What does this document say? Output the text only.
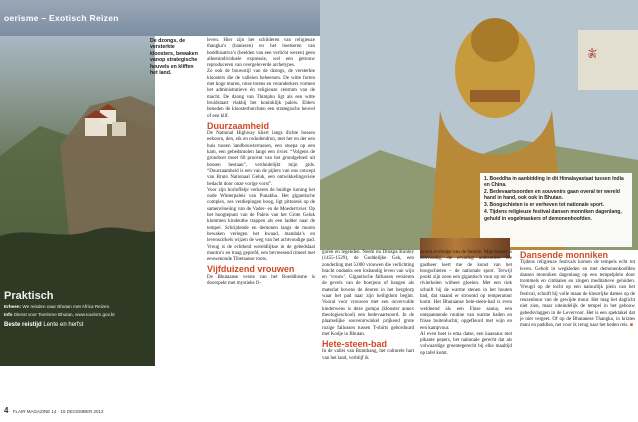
oerisme – Exotisch Reizen
Praktisch
Erheen: We reisden naar Bhutan met Africa Reizen.
Info Dienst voor Toerisme Bhutan, www.tourism.gov.bt
Beste reistijd Lente en herfst
4 FLAIR MAGAZINE 14 · 15 DECEMBER 2012
De dzongs, de versterkte kloosters, bewaken vanop strategische heuvels en kliffen het land.

leven. Hier zijn het schilderen van religieuze thangka’s (banieren) en het boetseren van boddhisattva’s (beelden van een verlicht wezen) geen alleenindividuele expressie, wel een getrouw reproduceren van overgeleverde archetypes.

Zo ook de bouwstijl van de dzongs, de versterkte kloosters die de valleien beheersen. De witte forten met hoge muren, rotse torens en veranderkers vormen het administratieve én religieuze centrum van de macht. De dzong van Thimphu ligt als een witte bruidstaart vlakbij het koninklijk paleis. Elders beneden de kloosterburchten een strategische heuvel of een klif.

Duurzaamheid

De National Highway kliert langs dichte bossen eekoorn, den, eik en rododendron, met her en der een huis tussen landbouwterrassen, een stoepa op een kam, een gebedsmolen langs een rivier. “Volgens de grondwet moet 60 procent van het grondgebied uit bossen bestaan”, verduidelijkt mijn gids. “Duurzaamheid is een van de pijlers van ons concept van Bruto Nationaal Geluk, een ontwikkelingsvisie bedacht door onze vorige vorst”.

Voor zijn horloffelje verkeren de huidige koning het oude Winterpaleis van Punakha. Het gigantische complex, zes verdiepingen hoog, ligt pittoresk op de samenvloeiing van de Vader- en de Moederrivier. Op het hoogtepunt van de Paleis van het Grote Geluk klommen kindeuthe trappen als een ladder naar de tempel. Schrijdende en demonen langs de muren bewaken verlegen het kwaad, mandala’s en levenscirkels wijzen de weg van het achtvoudige pad. Vreug is de echtheid wereldlijkse in de gebedslaal mantra’s en traag geprefd, een bevreesend ritueel met eeuwenoude Tibetaanse roots.

Vijfduizend vrouwen

De Bhutaanse versie van het Boeddhisme is doorspekt met mystieke fi-

ཨོཾ
1. Boeddha in aanbidding in dit Himalayastaat tussen India en China.
2. Bedevaartsoorden en souvenirs gaan overal ter wereld hand in hand, ook ook in Bhutan.
3. Boogschieten is er verheven tot nationale sport.
4. Tijdens religieuze festival dansen monniken dagenlang, gehuld in vogelmaskers of demonenhoofden.

guren en legenden. Neem nu Drukpa Kunley (1455-1529), de Goddelijke Gek, een zonderling met 5.000 vrouwen die verlichting bracht ondanks een losbandig leven van wijn en ‘vrouw’. Gigantische fallussen versieren de gevels van de boerjens of hangen als materiat bovens de deuren in het bergdorp waar het pad naar zijn heiligdom begint. Vooral voor vrouwen met een onvervulde kinderwens is deze gompa (klooster annex theologieschool) een bedevaartsoord. In de plaatselijke souvenirwinkel prijkend grote rozige fallussen tussen T-shirts geborduurd met Kodje in Bhutan.

Hete-steen-bad

In de vallei van Bumthang, het culturele hart van het land, verblijf ik

in een ecolodge van de familie. Mijn kamer is eenvoudig, de ervaring authentiek. De gastheer leert me de kunst van het boogschieten – de nationale sport. Terwijl pookt zijn zoon een gigantisch vuur op tot de rivierkeien witheet gloeien. Met een riek schuift hij de warme stenen in het houten bad, dat staand er stroomd op temperatuur komt. Het Bhutaanse hete-steen-bad is even weldoend als een Finse sauna, een ontspannende routine van warme baden en frisse buitenluchtr, opgefleurd met wijn en een kampvuur.

Al even heet is ema datse, een kaassaus met pikante pepers, het nationale gerecht dat als volwaardige groentegerecht bij elke maaltijd op tafel komt.

Dansende monniken

Tijdens religieuze festivals komen de tempels echt tot leven. Geholt in wegkleden en met demonenkoofden dansen monniken dagenlang op een tempelplein door trommels en cimbalen en zingen meditatieve geluiden. Vreugd op de tocht op een natuurlijk plein van het festival, schuift bij volle maan de kleurrijke dames op de reuzenhuur van de gewijde muur. Het mag het daglicht niet zien, maar uiteindelijk de tempel in het gebouw gebedsvlaggen in de Levervoor. Het is een spektakel dat je niet vergeet. Of op de Bhutanese Thangka, in kriztes mani en paddlea, net voor ik terug naar het heden reis. ■
